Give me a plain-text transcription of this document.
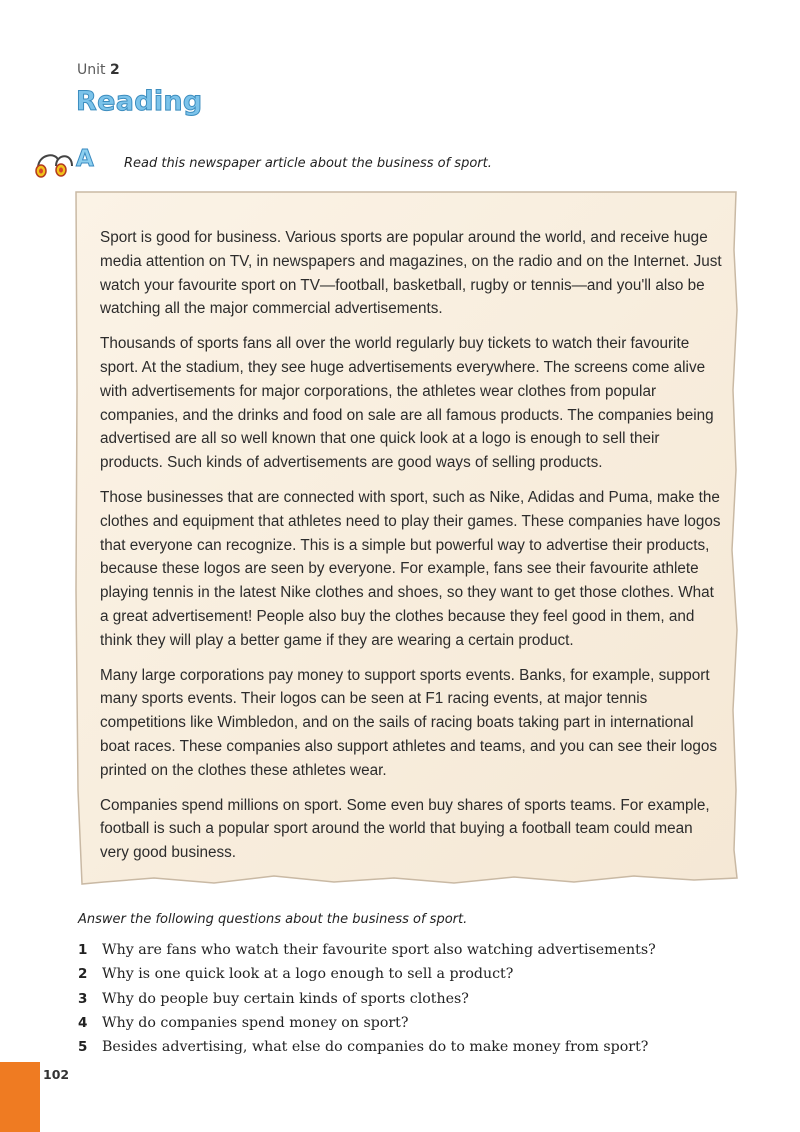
Unit 2
Reading
A	Read this newspaper article about the business of sport.

Sport is good for business. Various sports are popular around the world, and receive huge media attention on TV, in newspapers and magazines, on the radio and on the Internet. Just watch your favourite sport on TV—football, basketball, rugby or tennis—and you'll also be watching all the major commercial advertisements.

Thousands of sports fans all over the world regularly buy tickets to watch their favourite sport. At the stadium, they see huge advertisements everywhere. The screens come alive with advertisements for major corporations, the athletes wear clothes from popular companies, and the drinks and food on sale are all famous products. The companies being advertised are all so well known that one quick look at a logo is enough to sell their products. Such kinds of advertisements are good ways of selling products.

Those businesses that are connected with sport, such as Nike, Adidas and Puma, make the clothes and equipment that athletes need to play their games. These companies have logos that everyone can recognize. This is a simple but powerful way to advertise their products, because these logos are seen by everyone. For example, fans see their favourite athlete playing tennis in the latest Nike clothes and shoes, so they want to get those clothes. What a great advertisement! People also buy the clothes because they feel good in them, and think they will play a better game if they are wearing a certain product.

Many large corporations pay money to support sports events. Banks, for example, support many sports events. Their logos can be seen at F1 racing events, at major tennis competitions like Wimbledon, and on the sails of racing boats taking part in international boat races. These companies also support athletes and teams, and you can see their logos printed on the clothes these athletes wear.

Companies spend millions on sport. Some even buy shares of sports teams. For example, football is such a popular sport around the world that buying a football team could mean very good business.

Answer the following questions about the business of sport.
1 Why are fans who watch their favourite sport also watching advertisements?
2 Why is one quick look at a logo enough to sell a product?
3 Why do people buy certain kinds of sports clothes?
4 Why do companies spend money on sport?
5 Besides advertising, what else do companies do to make money from sport?
102
